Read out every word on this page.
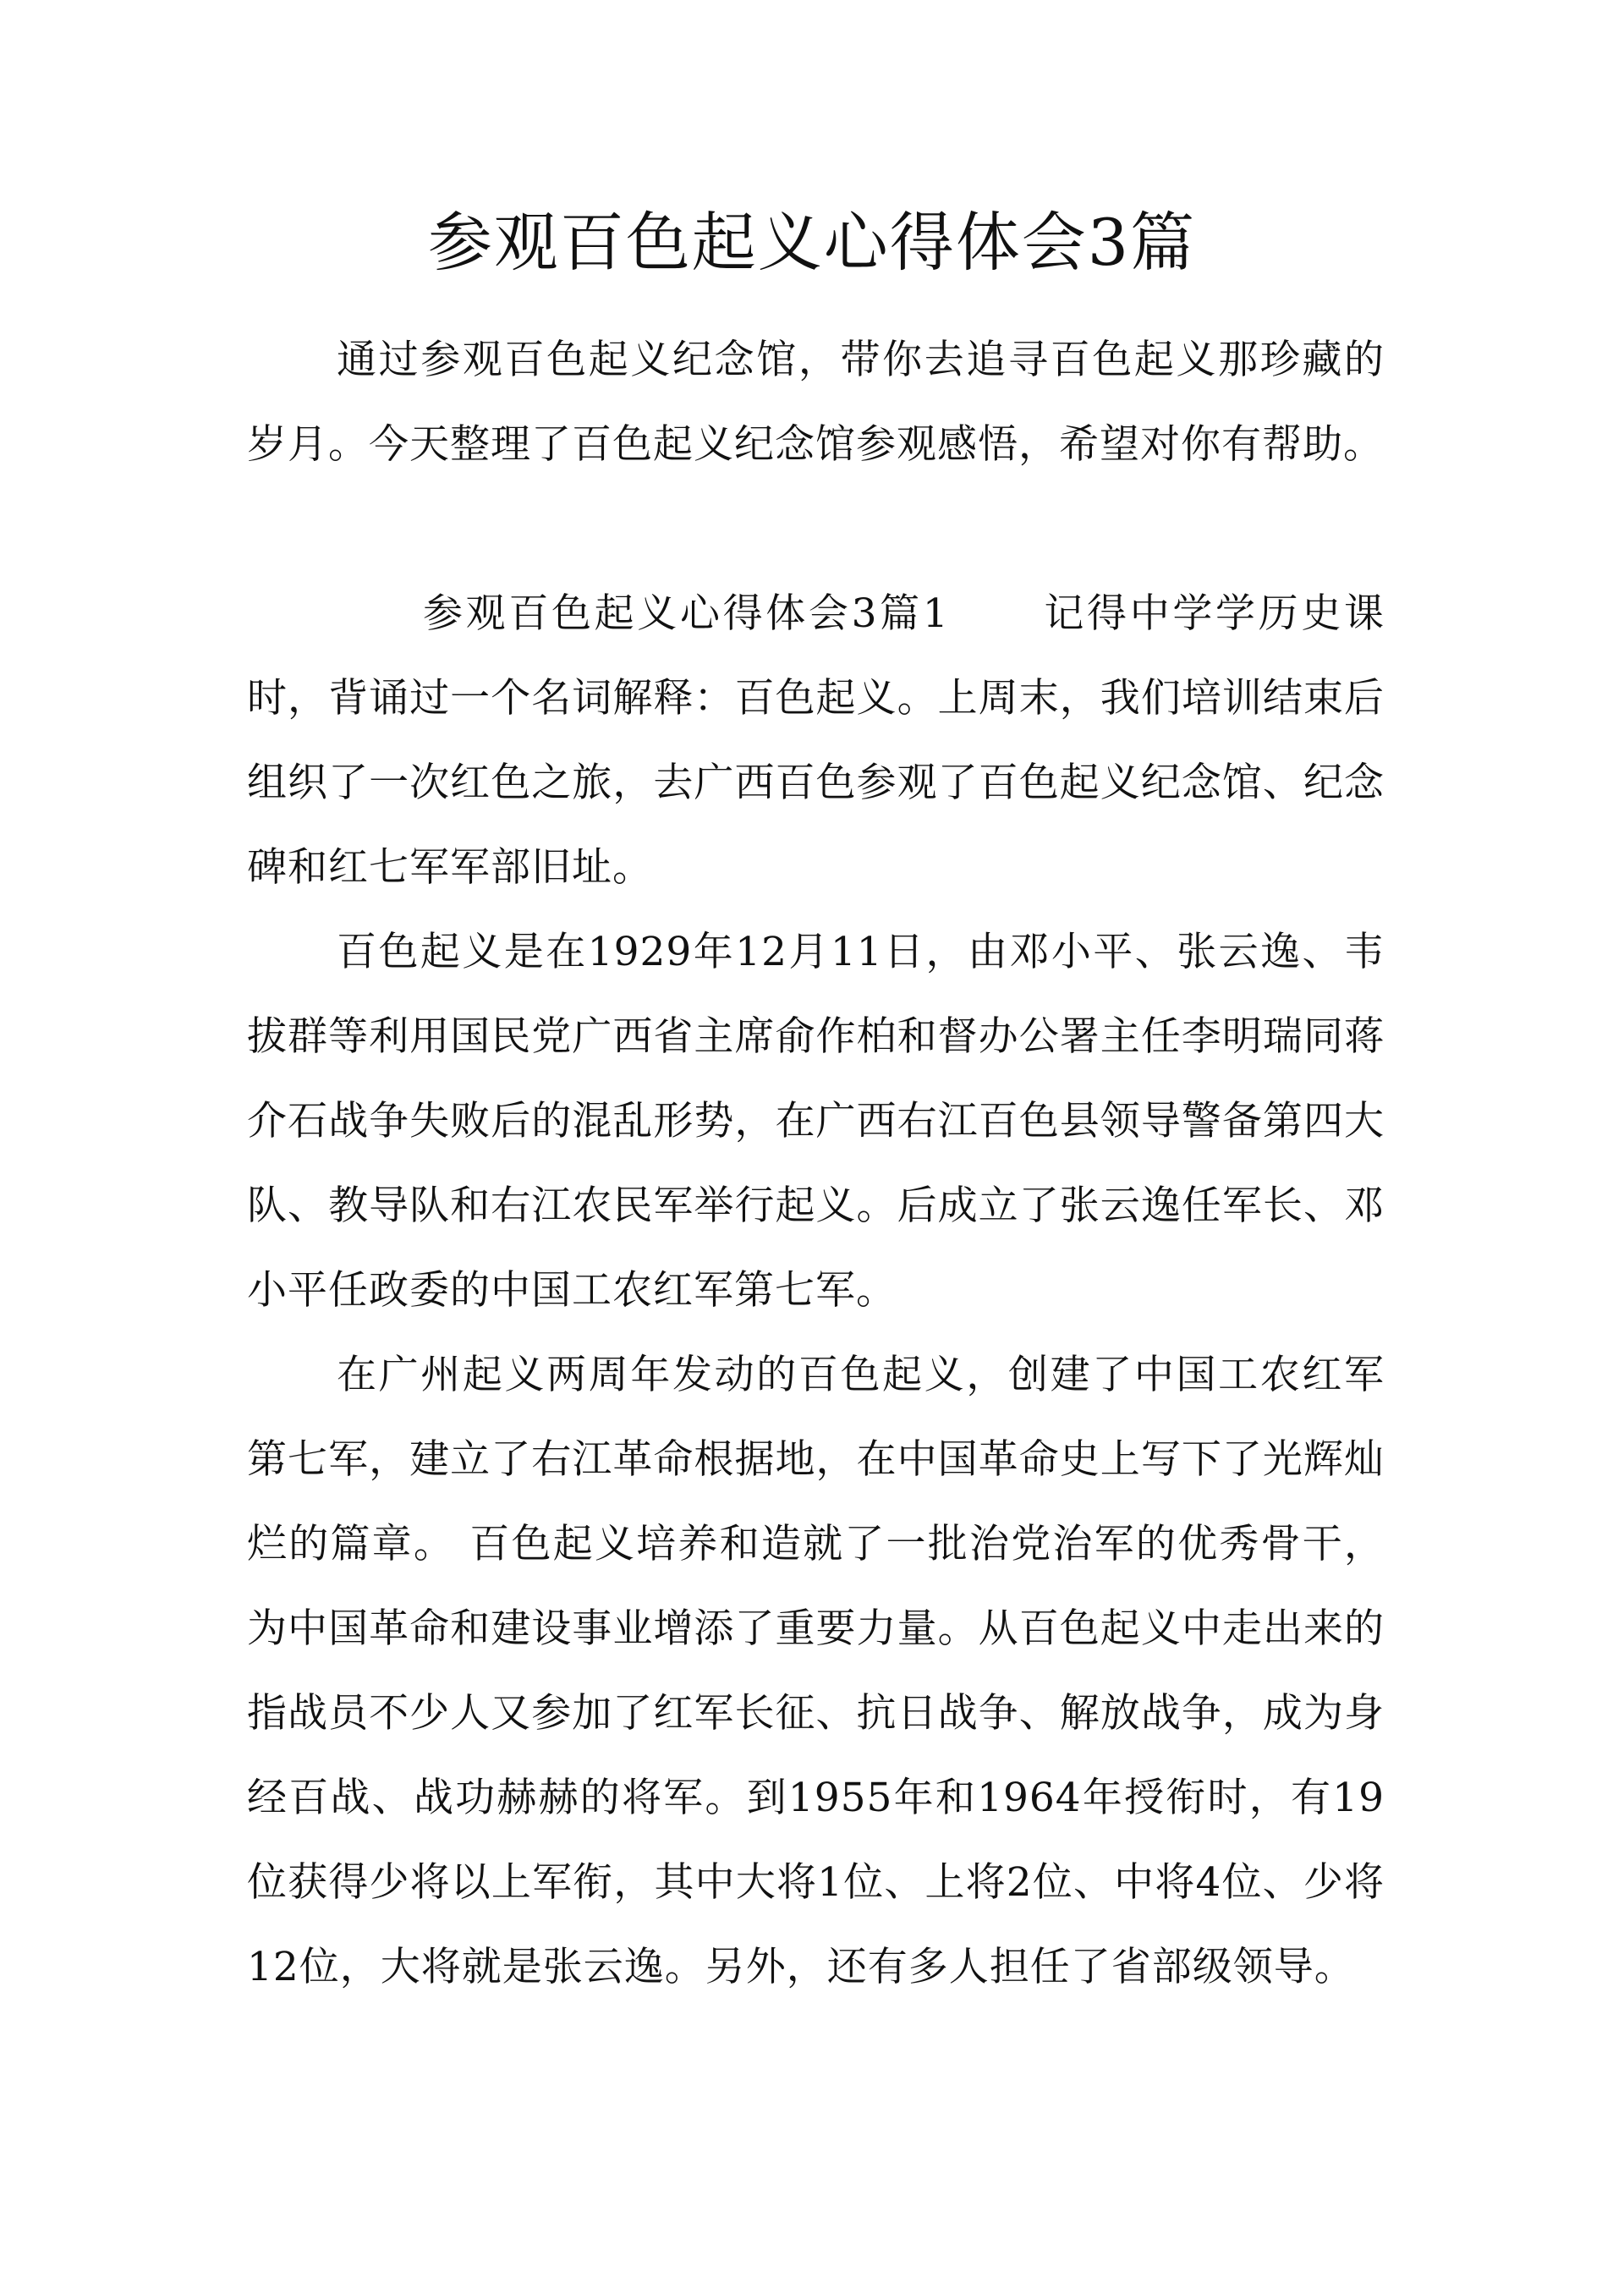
参观百色起义心得体会3篇

通过参观百色起义纪念馆，带你去追寻百色起义那珍藏的岁月。今天整理了百色起义纪念馆参观感悟，希望对你有帮助。

参观百色起义心得体会3篇1 记得中学学历史课时，背诵过一个名词解释：百色起义。上周末，我们培训结束后组织了一次红色之旅，去广西百色参观了百色起义纪念馆、纪念碑和红七军军部旧址。

百色起义是在1929年12月11日，由邓小平、张云逸、韦拔群等利用国民党广西省主席俞作柏和督办公署主任李明瑞同蒋介石战争失败后的混乱形势，在广西右江百色县领导警备第四大队、教导队和右江农民军举行起义。后成立了张云逸任军长、邓小平任政委的中国工农红军第七军。

在广州起义两周年发动的百色起义，创建了中国工农红军第七军，建立了右江革命根据地，在中国革命史上写下了光辉灿烂的篇章。 百色起义培养和造就了一批治党治军的优秀骨干，为中国革命和建设事业增添了重要力量。从百色起义中走出来的指战员不少人又参加了红军长征、抗日战争、解放战争，成为身经百战、战功赫赫的将军。到1955年和1964年授衔时，有19位获得少将以上军衔，其中大将1位、上将2位、中将4位、少将12位，大将就是张云逸。另外，还有多人担任了省部级领导。
